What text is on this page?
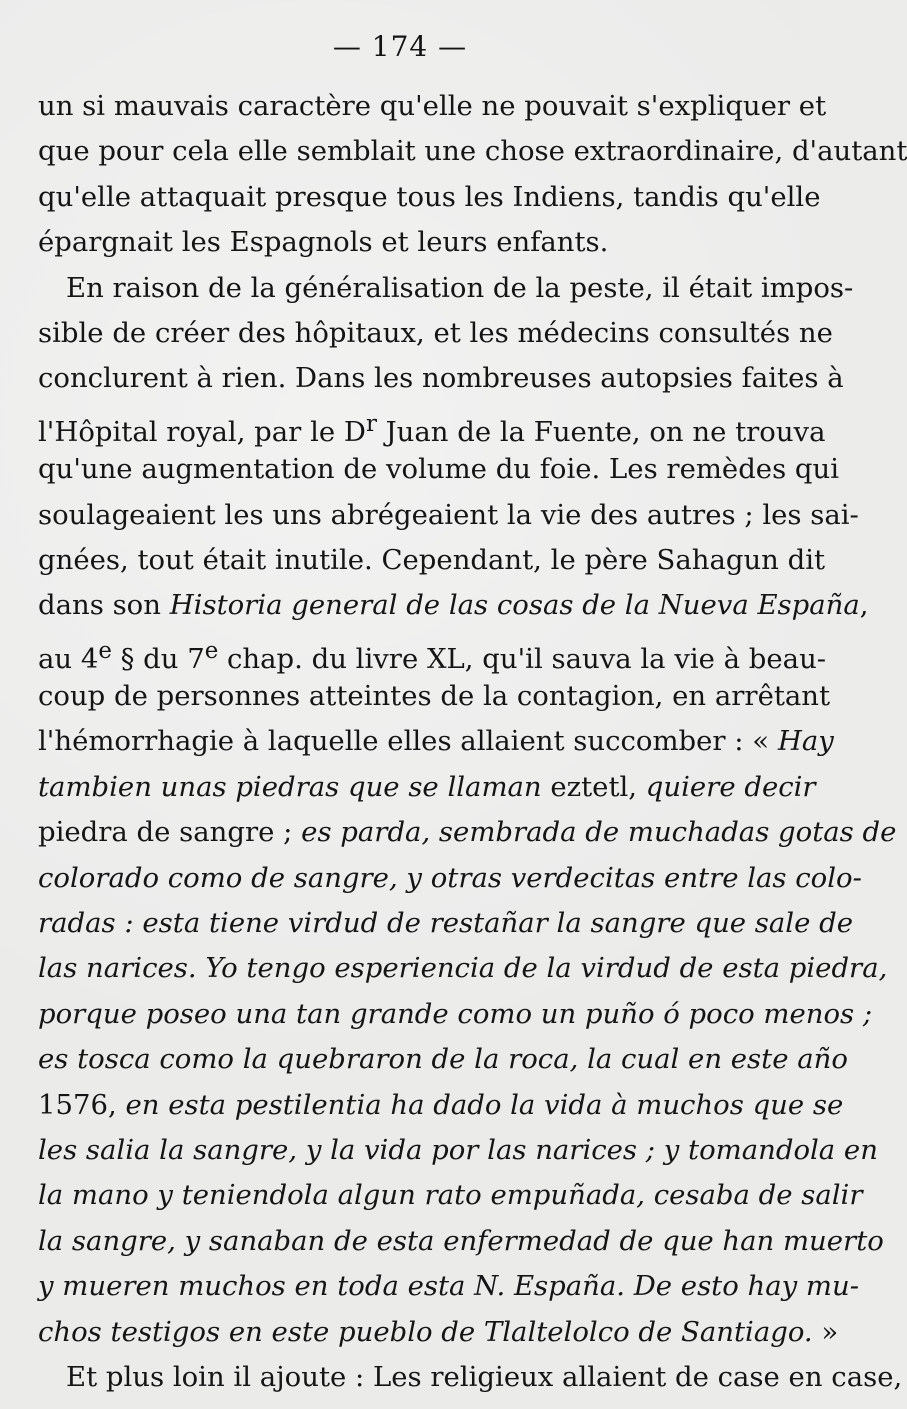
— 174 —
un si mauvais caractère qu'elle ne pouvait s'expliquer et
que pour cela elle semblait une chose extraordinaire, d'autant
qu'elle attaquait presque tous les Indiens, tandis qu'elle
épargnait les Espagnols et leurs enfants.
En raison de la généralisation de la peste, il était impos-
sible de créer des hôpitaux, et les médecins consultés ne
conclurent à rien. Dans les nombreuses autopsies faites à
l'Hôpital royal, par le $D^r$ Juan de la Fuente, on ne trouva
qu'une augmentation de volume du foie. Les remèdes qui
soulageaient les uns abrégeaient la vie des autres ; les sai-
gnées, tout était inutile. Cependant, le père Sahagun dit
dans son Historia general de las cosas de la Nueva España,
au 4e § du 7e chap. du livre XL, qu'il sauva la vie à beau-
coup de personnes atteintes de la contagion, en arrêtant
l'hémorrhagie à laquelle elles allaient succomber : « Hay
tambien unas piedras que se llaman eztetl, quiere decir
piedra de sangre ; es parda, sembrada de muchadas gotas de
colorado como de sangre, y otras verdecitas entre las colo-
radas : esta tiene virdud de restañar la sangre que sale de
las narices. Yo tengo esperiencia de la virdud de esta piedra,
porque poseo una tan grande como un puño ó poco menos ;
es tosca como la quebraron de la roca, la cual en este año
1576, en esta pestilentia ha dado la vida à muchos que se
les salia la sangre, y la vida por las narices ; y tomandola en
la mano y teniendola algun rato empuñada, cesaba de salir
la sangre, y sanaban de esta enfermedad de que han muerto
y mueren muchos en toda esta N. España. De esto hay mu-
chos testigos en este pueblo de Tlaltelolco de Santiago. »
Et plus loin il ajoute : Les religieux allaient de case en case,
